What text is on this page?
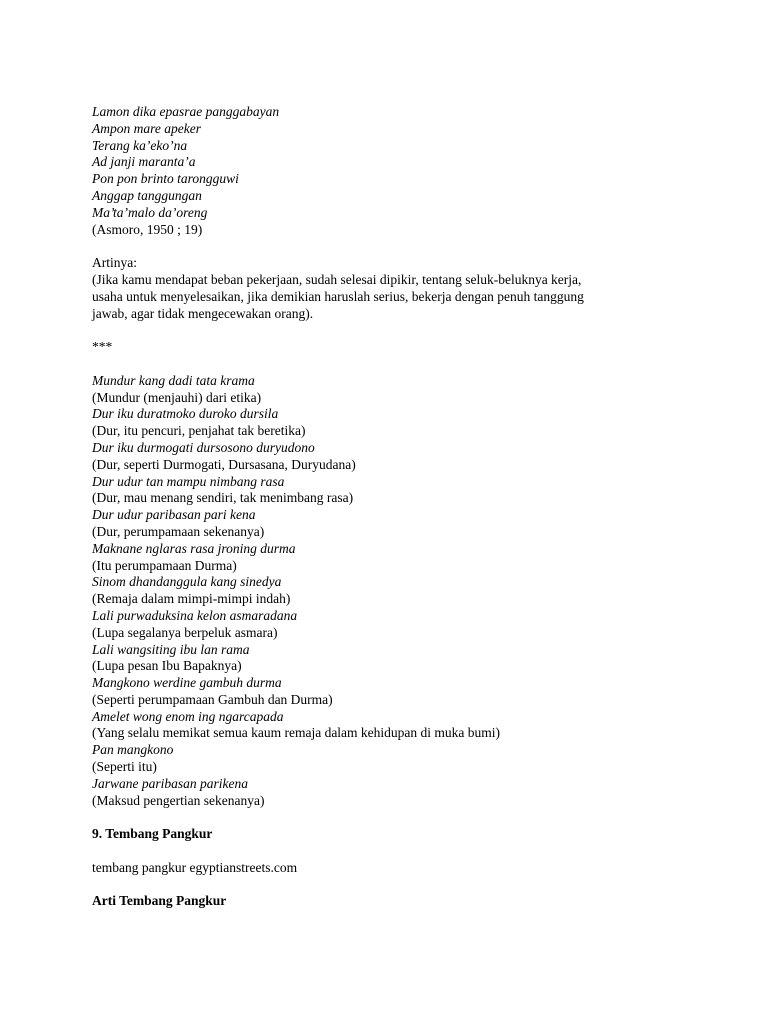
Lamon dika epasrae panggabayan
Ampon mare apeker
Terang ka’eko’na
Ad janji maranta’a
Pon pon brinto tarongguwi
Anggap tanggungan
Ma’ta’malo da’oreng
(Asmoro, 1950 ; 19)
Artinya:
(Jika kamu mendapat beban pekerjaan, sudah selesai dipikir, tentang seluk-beluknya kerja,
usaha untuk menyelesaikan, jika demikian haruslah serius, bekerja dengan penuh tanggung
jawab, agar tidak mengecewakan orang).
***
Mundur kang dadi tata krama
(Mundur (menjauhi) dari etika)
Dur iku duratmoko duroko dursila
(Dur, itu pencuri, penjahat tak beretika)
Dur iku durmogati dursosono duryudono
(Dur, seperti Durmogati, Dursasana, Duryudana)
Dur udur tan mampu nimbang rasa
(Dur, mau menang sendiri, tak menimbang rasa)
Dur udur paribasan pari kena
(Dur, perumpamaan sekenanya)
Maknane nglaras rasa jroning durma
(Itu perumpamaan Durma)
Sinom dhandanggula kang sinedya
(Remaja dalam mimpi-mimpi indah)
Lali purwaduksina kelon asmaradana
(Lupa segalanya berpeluk asmara)
Lali wangsiting ibu lan rama
(Lupa pesan Ibu Bapaknya)
Mangkono werdine gambuh durma
(Seperti perumpamaan Gambuh dan Durma)
Amelet wong enom ing ngarcapada
(Yang selalu memikat semua kaum remaja dalam kehidupan di muka bumi)
Pan mangkono
(Seperti itu)
Jarwane paribasan parikena
(Maksud pengertian sekenanya)
9. Tembang Pangkur
tembang pangkur egyptianstreets.com
Arti Tembang Pangkur
